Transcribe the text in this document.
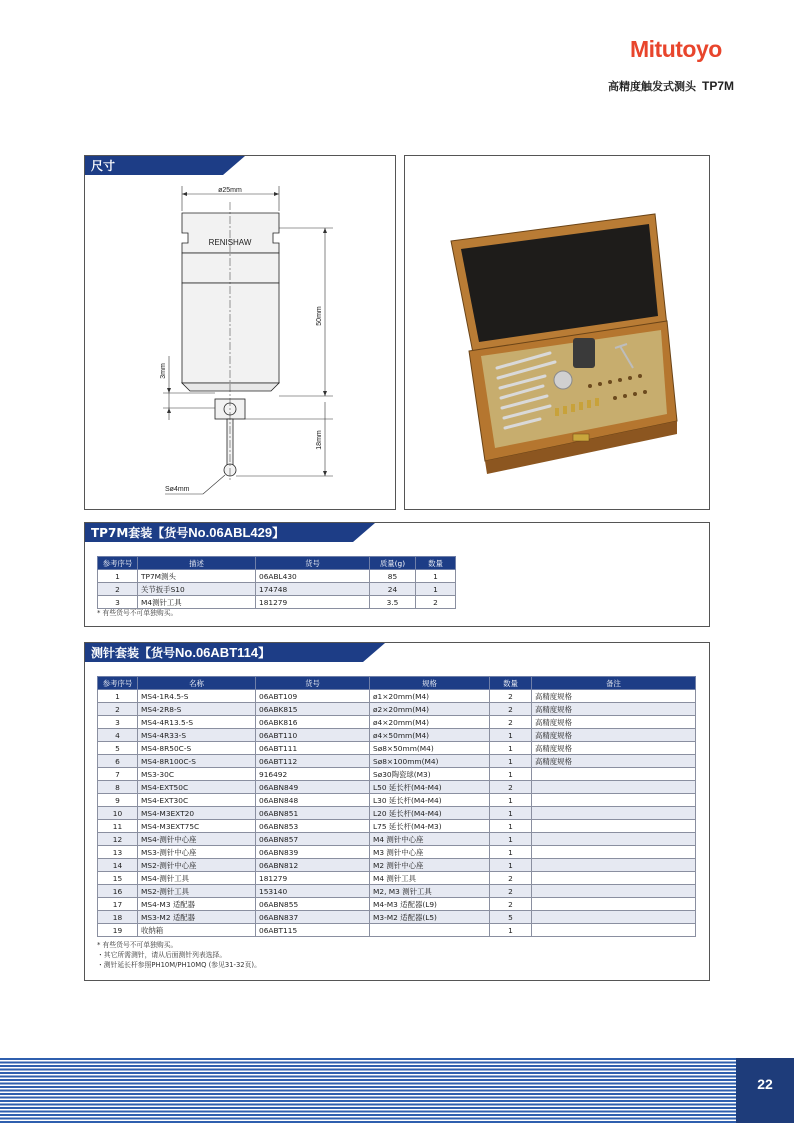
Mitutoyo
高精度触发式测头 TP7M
尺寸
ø25mm
RENISHAW
50mm
18mm
3mm
Sø4mm
TP7M套装【货号No.06ABL429】
参考序号	描述	货号	质量(g)	数量
1	TP7M测头	06ABL430	85	1
2	关节扳手S10	174748	24	1
3	M4测针工具	181279	3.5	2
* 有些货号不可单独购买。
测针套装【货号No.06ABT114】
参考序号	名称	货号	规格	数量	备注
1	MS4-1R4.5-S	06ABT109	ø1×20mm(M4)	2	高精度规格
2	MS4-2R8-S	06ABK815	ø2×20mm(M4)	2	高精度规格
3	MS4-4R13.5-S	06ABK816	ø4×20mm(M4)	2	高精度规格
4	MS4-4R33-S	06ABT110	ø4×50mm(M4)	1	高精度规格
5	MS4-8R50C-S	06ABT111	Sø8×50mm(M4)	1	高精度规格
6	MS4-8R100C-S	06ABT112	Sø8×100mm(M4)	1	高精度规格
7	MS3-30C	916492	Sø30陶瓷球(M3)	1	
8	MS4-EXT50C	06ABN849	L50 延长杆(M4-M4)	2	
9	MS4-EXT30C	06ABN848	L30 延长杆(M4-M4)	1	
10	MS4-M3EXT20	06ABN851	L20 延长杆(M4-M4)	1	
11	MS4-M3EXT75C	06ABN853	L75 延长杆(M4-M3)	1	
12	MS4-测针中心座	06ABN857	M4 测针中心座	1	
13	MS3-测针中心座	06ABN839	M3 测针中心座	1	
14	MS2-测针中心座	06ABN812	M2 测针中心座	1	
15	MS4-测针工具	181279	M4 测针工具	2	
16	MS2-测针工具	153140	M2, M3 测针工具	2	
17	MS4-M3 适配器	06ABN855	M4-M3 适配器(L9)	2	
18	MS3-M2 适配器	06ABN837	M3-M2 适配器(L5)	5	
19	收纳箱	06ABT115		1	
* 有些货号不可单独购买。
・其它所需测针，请从后面测针列表选择。
・测针延长杆参照PH10M/PH10MQ (参见31-32页)。
22
